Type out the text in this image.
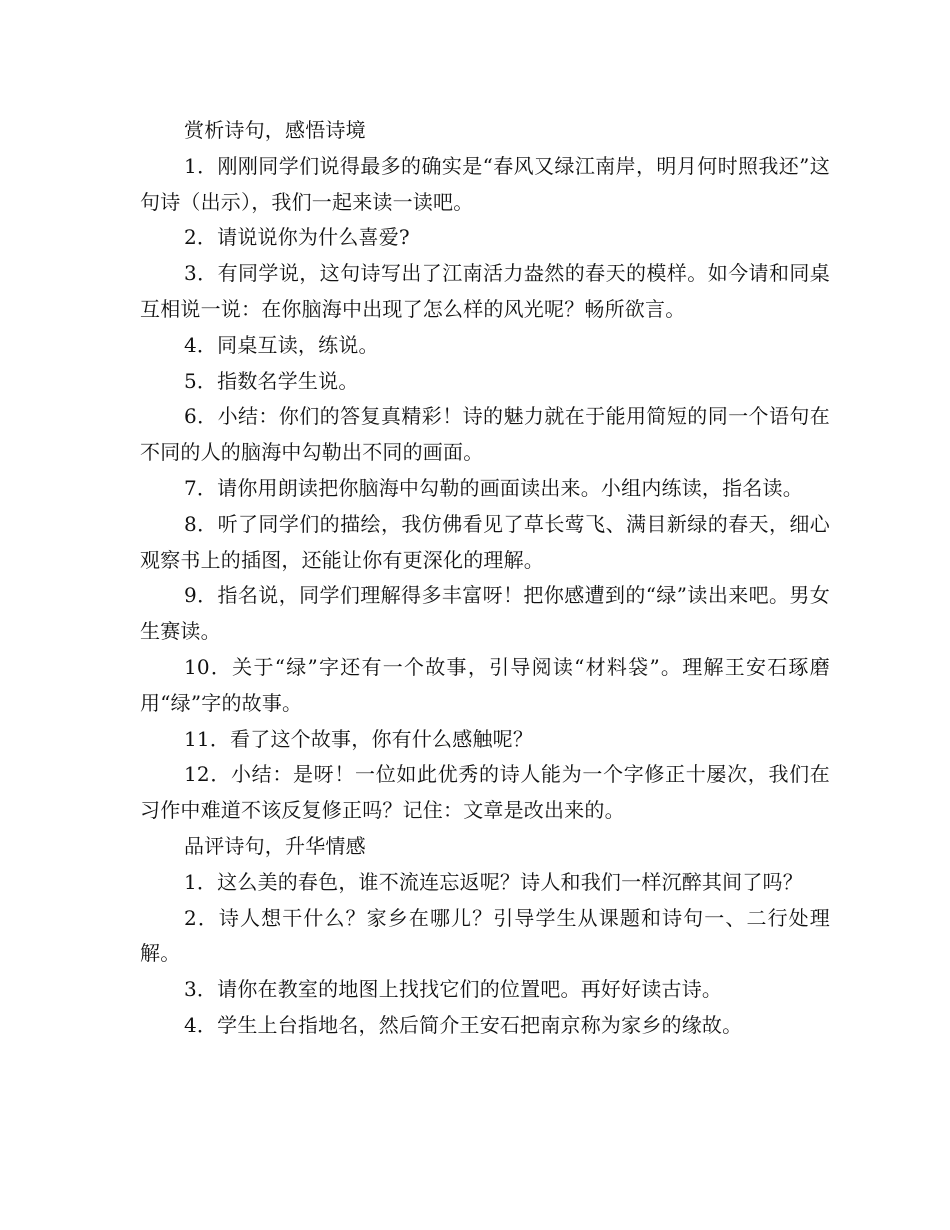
赏析诗句，感悟诗境

1．刚刚同学们说得最多的确实是“春风又绿江南岸，明月何时照我还”这句诗（出示），我们一起来读一读吧。

2．请说说你为什么喜爱?

3．有同学说，这句诗写出了江南活力盎然的春天的模样。如今请和同桌互相说一说：在你脑海中出现了怎么样的风光呢？畅所欲言。

4．同桌互读，练说。

5．指数名学生说。

6．小结：你们的答复真精彩！诗的魅力就在于能用简短的同一个语句在不同的人的脑海中勾勒出不同的画面。

7．请你用朗读把你脑海中勾勒的画面读出来。小组内练读，指名读。

8．听了同学们的描绘，我仿佛看见了草长莺飞、满目新绿的春天，细心观察书上的插图，还能让你有更深化的理解。

9．指名说，同学们理解得多丰富呀！把你感遭到的“绿”读出来吧。男女生赛读。

10．关于“绿”字还有一个故事，引导阅读“材料袋”。理解王安石琢磨用“绿”字的故事。

11．看了这个故事，你有什么感触呢？

12．小结：是呀！一位如此优秀的诗人能为一个字修正十屡次，我们在习作中难道不该反复修正吗？记住：文章是改出来的。

品评诗句，升华情感

1．这么美的春色，谁不流连忘返呢？诗人和我们一样沉醉其间了吗？

2．诗人想干什么？家乡在哪儿？引导学生从课题和诗句一、二行处理解。

3．请你在教室的地图上找找它们的位置吧。再好好读古诗。

4．学生上台指地名，然后简介王安石把南京称为家乡的缘故。
